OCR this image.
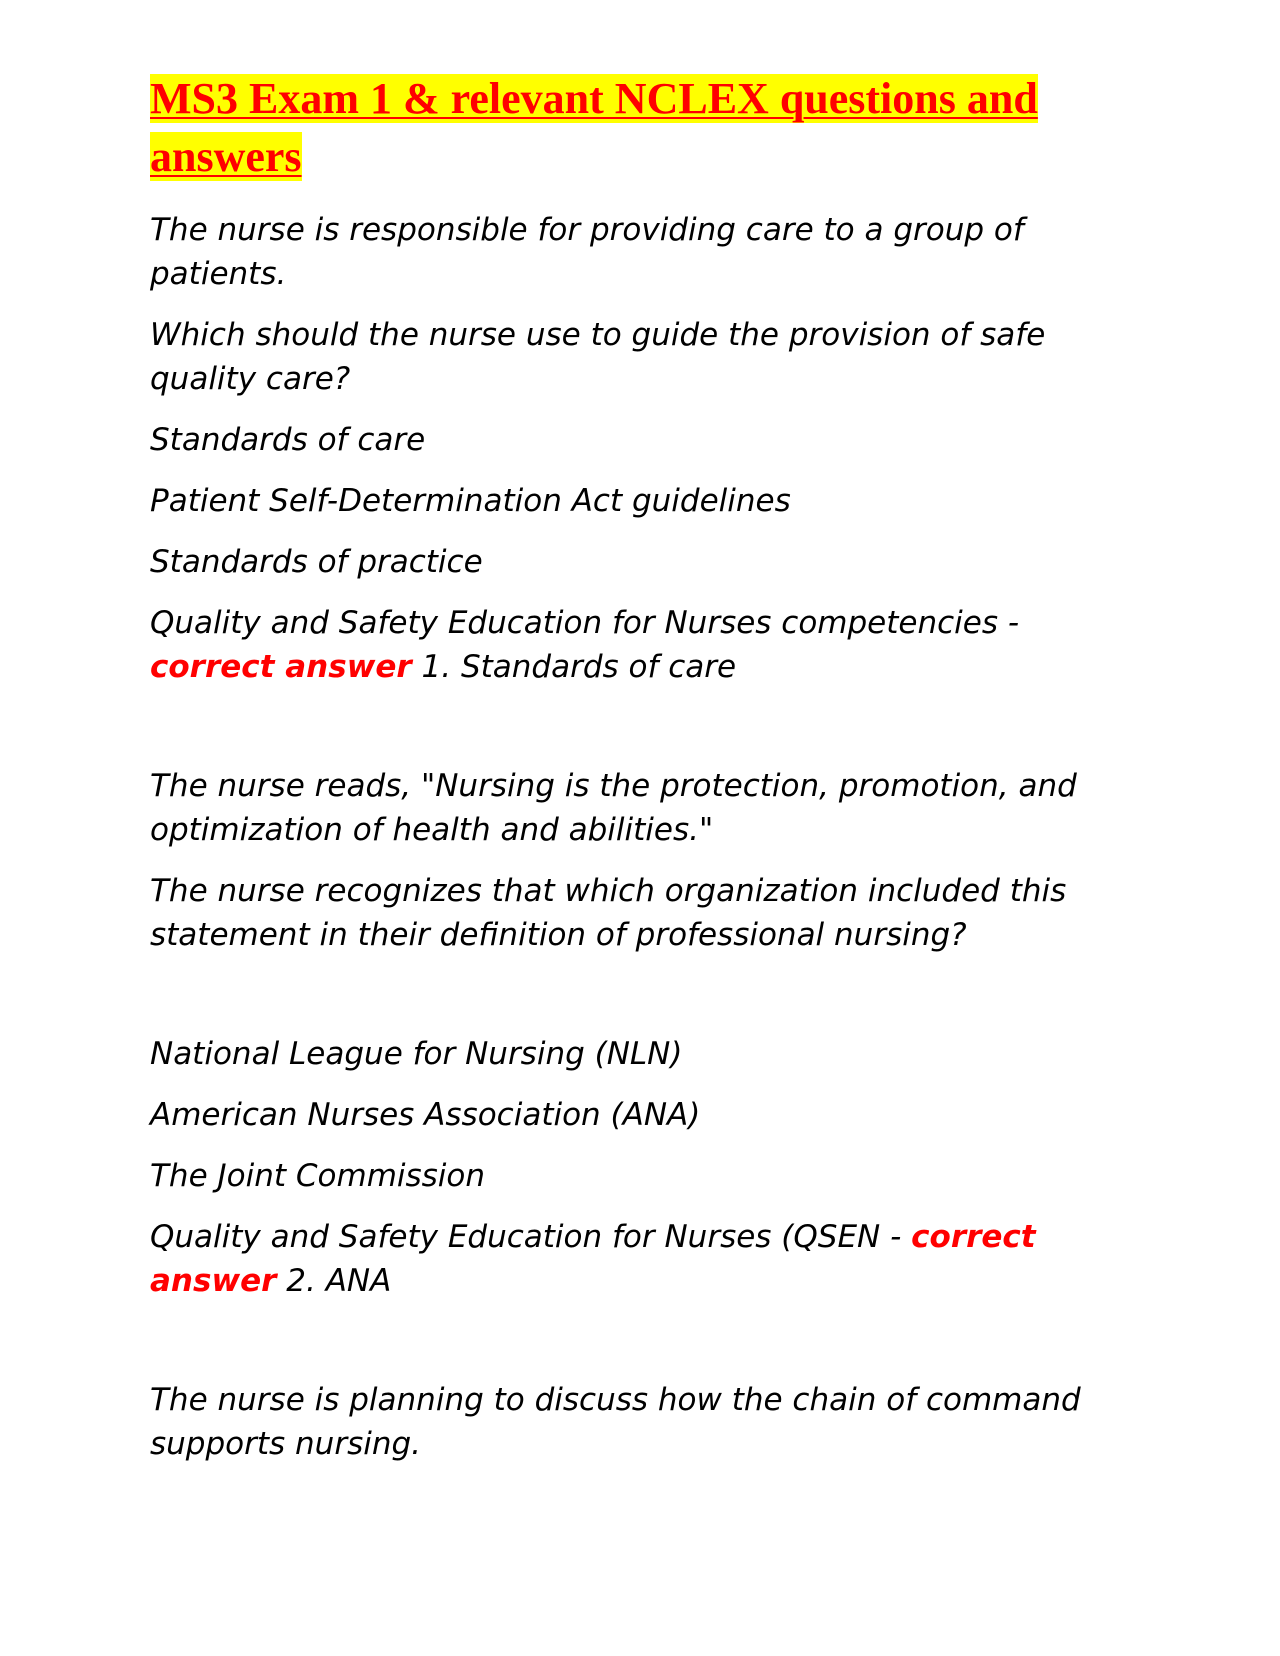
MS3 Exam 1 & relevant NCLEX questions and answers

The nurse is responsible for providing care to a group of patients.

Which should the nurse use to guide the provision of safe quality care?

Standards of care

Patient Self-Determination Act guidelines

Standards of practice

Quality and Safety Education for Nurses competencies - correct answer 1. Standards of care

The nurse reads, "Nursing is the protection, promotion, and optimization of health and abilities."

The nurse recognizes that which organization included this statement in their definition of professional nursing?

National League for Nursing (NLN)

American Nurses Association (ANA)

The Joint Commission

Quality and Safety Education for Nurses (QSEN - correct answer 2. ANA

The nurse is planning to discuss how the chain of command supports nursing.
